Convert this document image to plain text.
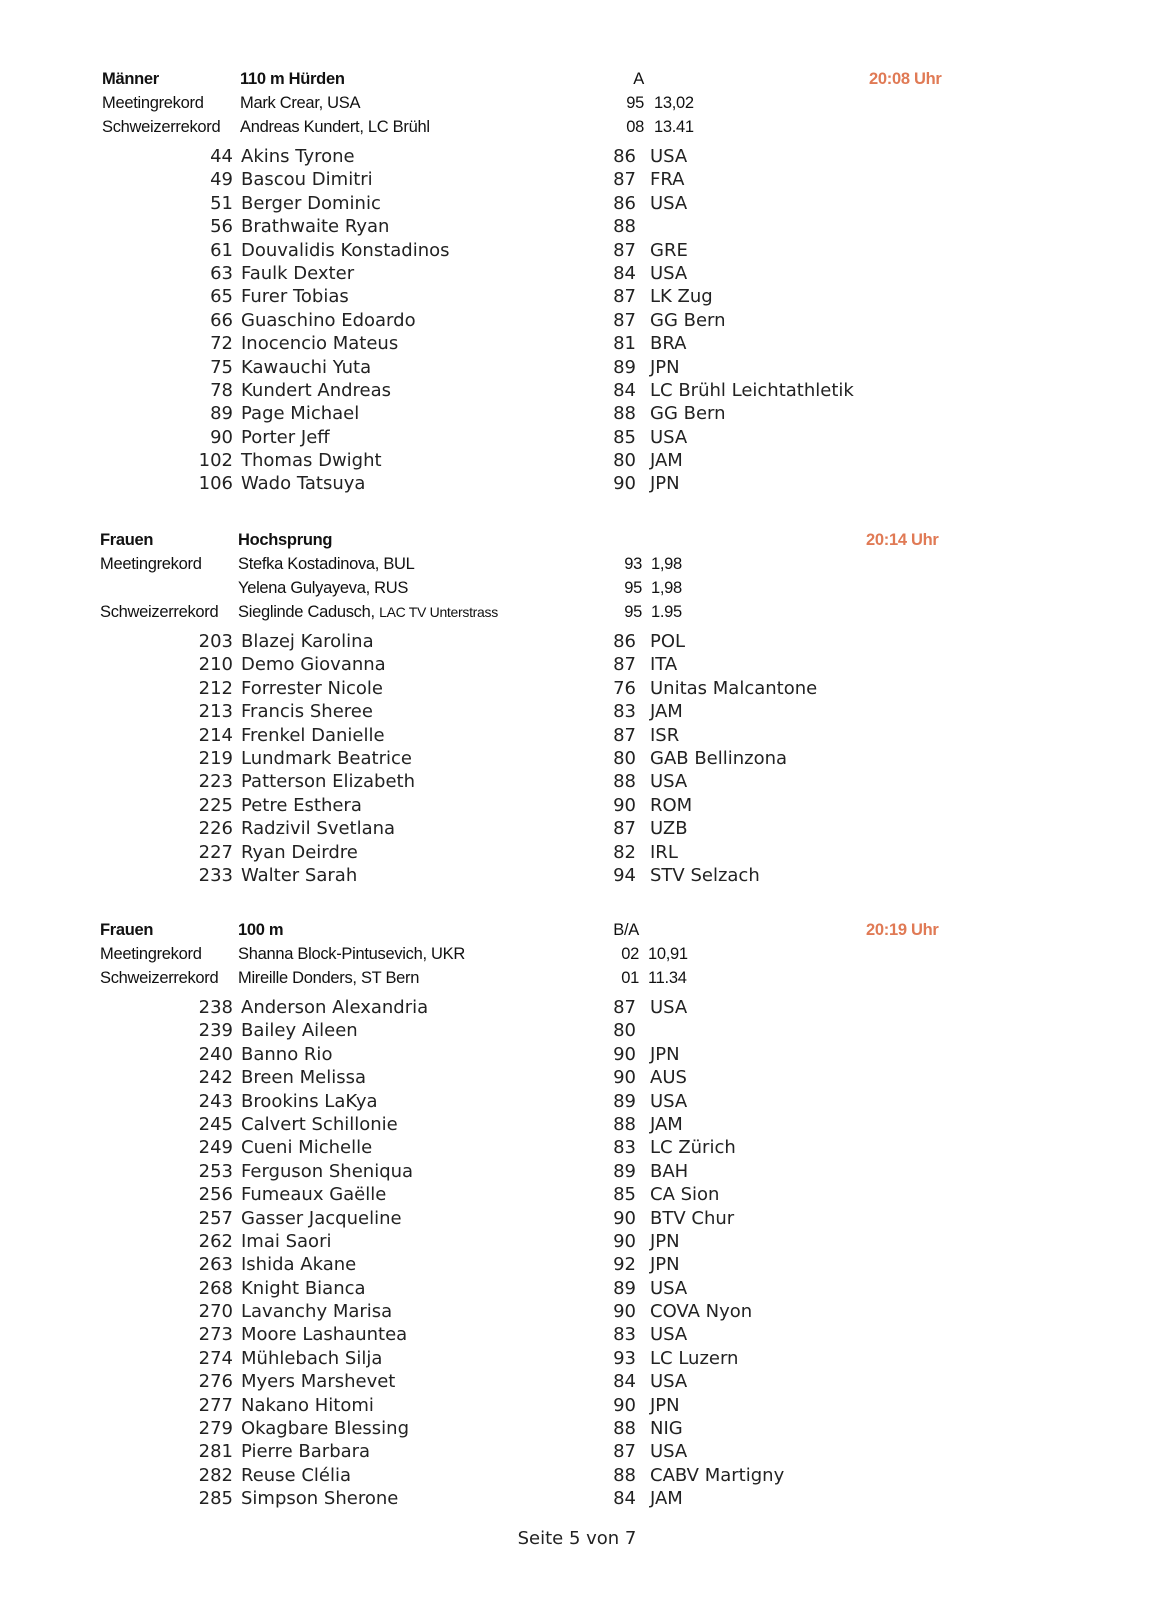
Männer	110 m Hürden	A	20:08 Uhr
Meetingrekord Mark Crear, USA	95 13,02
Schweizerrekord Andreas Kundert, LC Brühl	08 13.41
44 Akins Tyrone	86 USA
49 Bascou Dimitri	87 FRA
51 Berger Dominic	86 USA
56 Brathwaite Ryan	88
61 Douvalidis Konstadinos	87 GRE
63 Faulk Dexter	84 USA
65 Furer Tobias	87 LK Zug
66 Guaschino Edoardo	87 GG Bern
72 Inocencio Mateus	81 BRA
75 Kawauchi Yuta	89 JPN
78 Kundert Andreas	84 LC Brühl Leichtathletik
89 Page Michael	88 GG Bern
90 Porter Jeff	85 USA
102 Thomas Dwight	80 JAM
106 Wado Tatsuya	90 JPN
Frauen	Hochsprung	20:14 Uhr
Meetingrekord Stefka Kostadinova, BUL	93 1,98
Yelena Gulyayeva, RUS	95 1,98
Schweizerrekord Sieglinde Cadusch, LAC TV Unterstrass	95 1.95
203 Blazej Karolina	86 POL
210 Demo Giovanna	87 ITA
212 Forrester Nicole	76 Unitas Malcantone
213 Francis Sheree	83 JAM
214 Frenkel Danielle	87 ISR
219 Lundmark Beatrice	80 GAB Bellinzona
223 Patterson Elizabeth	88 USA
225 Petre Esthera	90 ROM
226 Radzivil Svetlana	87 UZB
227 Ryan Deirdre	82 IRL
233 Walter Sarah	94 STV Selzach
Frauen	100 m	B/A	20:19 Uhr
Meetingrekord Shanna Block-Pintusevich, UKR	02 10,91
Schweizerrekord Mireille Donders, ST Bern	01 11.34
238 Anderson Alexandria	87 USA
239 Bailey Aileen	80
240 Banno Rio	90 JPN
242 Breen Melissa	90 AUS
243 Brookins LaKya	89 USA
245 Calvert Schillonie	88 JAM
249 Cueni Michelle	83 LC Zürich
253 Ferguson Sheniqua	89 BAH
256 Fumeaux Gaëlle	85 CA Sion
257 Gasser Jacqueline	90 BTV Chur
262 Imai Saori	90 JPN
263 Ishida Akane	92 JPN
268 Knight Bianca	89 USA
270 Lavanchy Marisa	90 COVA Nyon
273 Moore Lashauntea	83 USA
274 Mühlebach Silja	93 LC Luzern
276 Myers Marshevet	84 USA
277 Nakano Hitomi	90 JPN
279 Okagbare Blessing	88 NIG
281 Pierre Barbara	87 USA
282 Reuse Clélia	88 CABV Martigny
285 Simpson Sherone	84 JAM
Seite 5 von 7
